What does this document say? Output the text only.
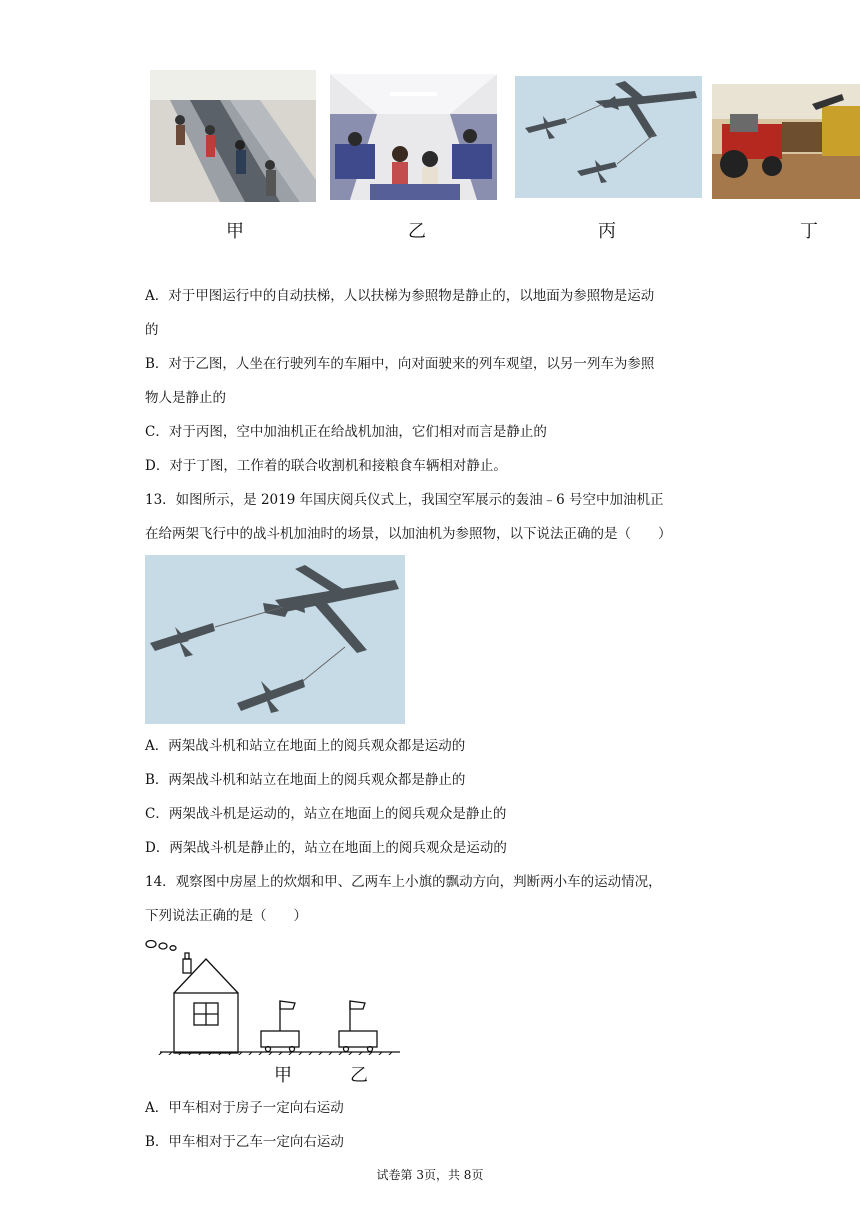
甲	乙	丙	丁
A．对于甲图运行中的自动扶梯，人以扶梯为参照物是静止的，以地面为参照物是运动
的
B．对于乙图，人坐在行驶列车的车厢中，向对面驶来的列车观望，以另一列车为参照
物人是静止的
C．对于丙图，空中加油机正在给战机加油，它们相对而言是静止的
D．对于丁图，工作着的联合收割机和接粮食车辆相对静止。
13．如图所示，是 2019 年国庆阅兵仪式上，我国空军展示的轰油﹣6 号空中加油机正
在给两架飞行中的战斗机加油时的场景，以加油机为参照物，以下说法正确的是（　　）
A．两架战斗机和站立在地面上的阅兵观众都是运动的
B．两架战斗机和站立在地面上的阅兵观众都是静止的
C．两架战斗机是运动的，站立在地面上的阅兵观众是静止的
D．两架战斗机是静止的，站立在地面上的阅兵观众是运动的
14．观察图中房屋上的炊烟和甲、乙两车上小旗的飘动方向，判断两小车的运动情况，
下列说法正确的是（　　）
甲	乙
A．甲车相对于房子一定向右运动
B．甲车相对于乙车一定向右运动
试卷第 3页，共 8页
